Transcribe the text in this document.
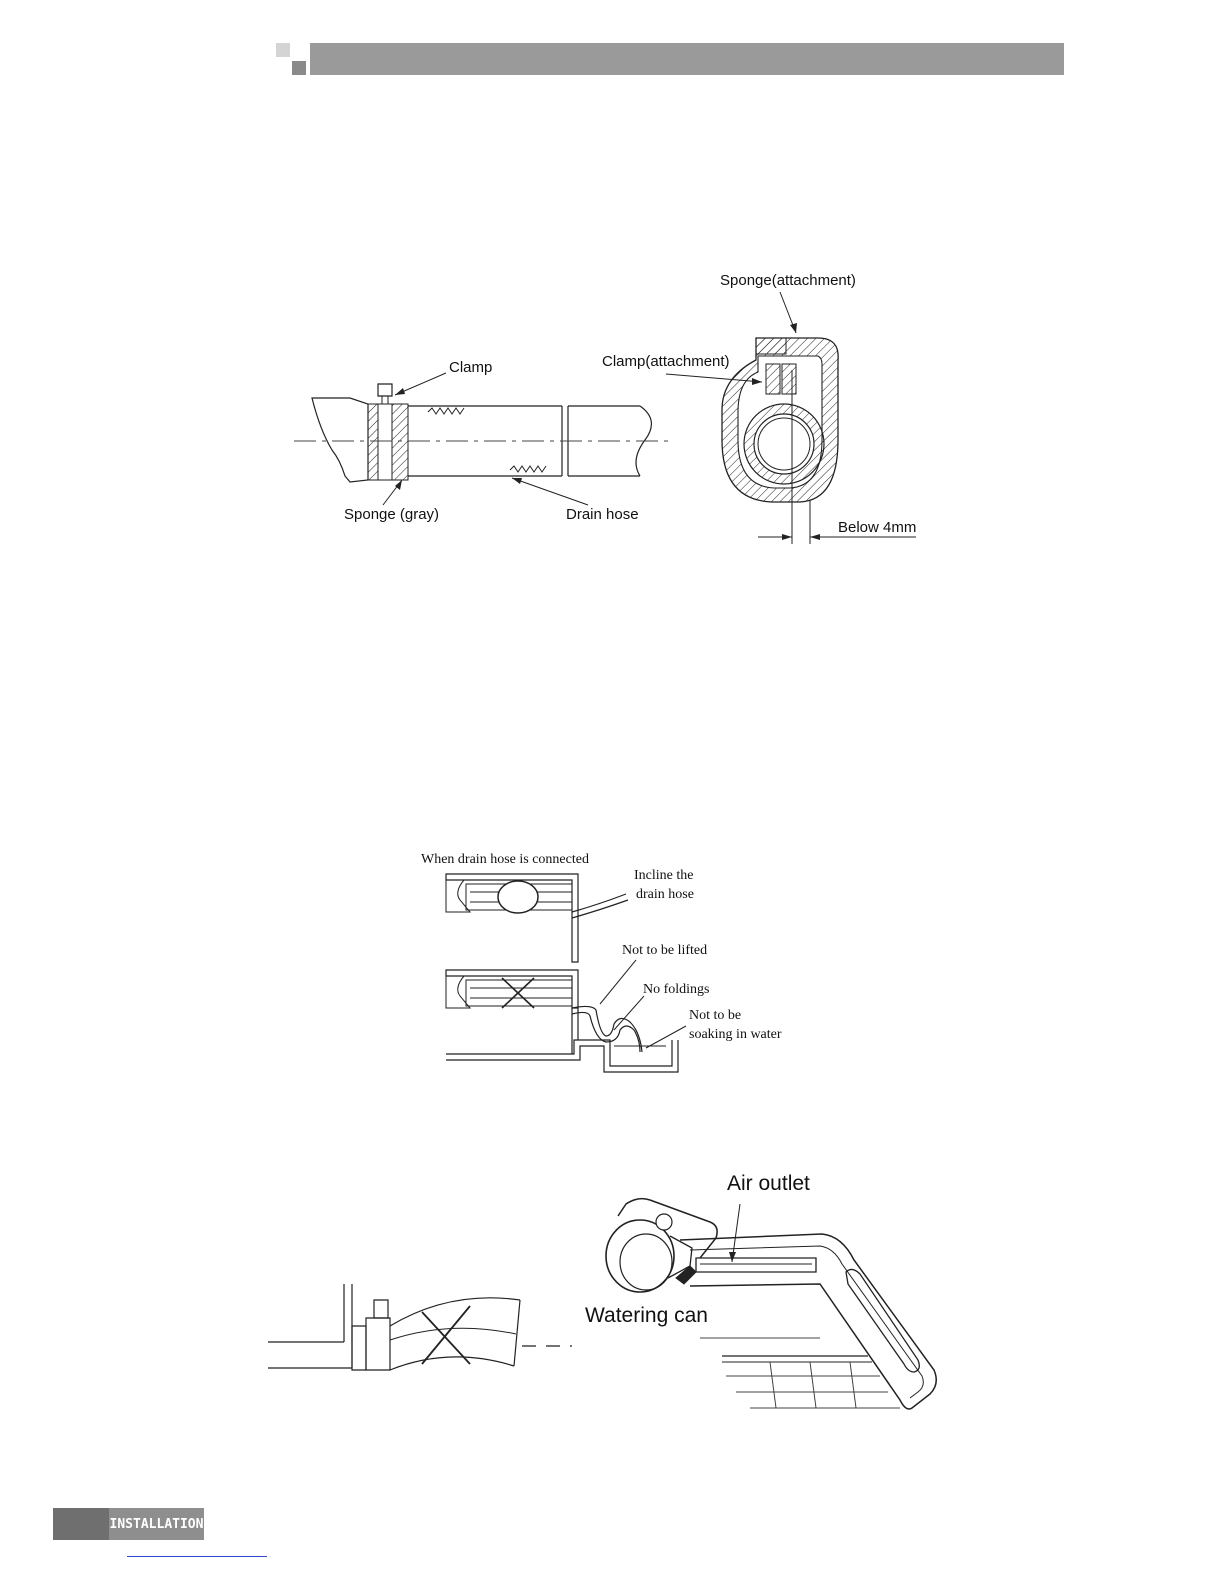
Clamp
Sponge (gray)	Drain hose
Sponge(attachment)
Clamp(attachment)
Below 4mm
When drain hose is connected
Incline the
drain hose
Not to be lifted
No foldings
Not to be
soaking in water
Air outlet
Watering can
INSTALLATION
